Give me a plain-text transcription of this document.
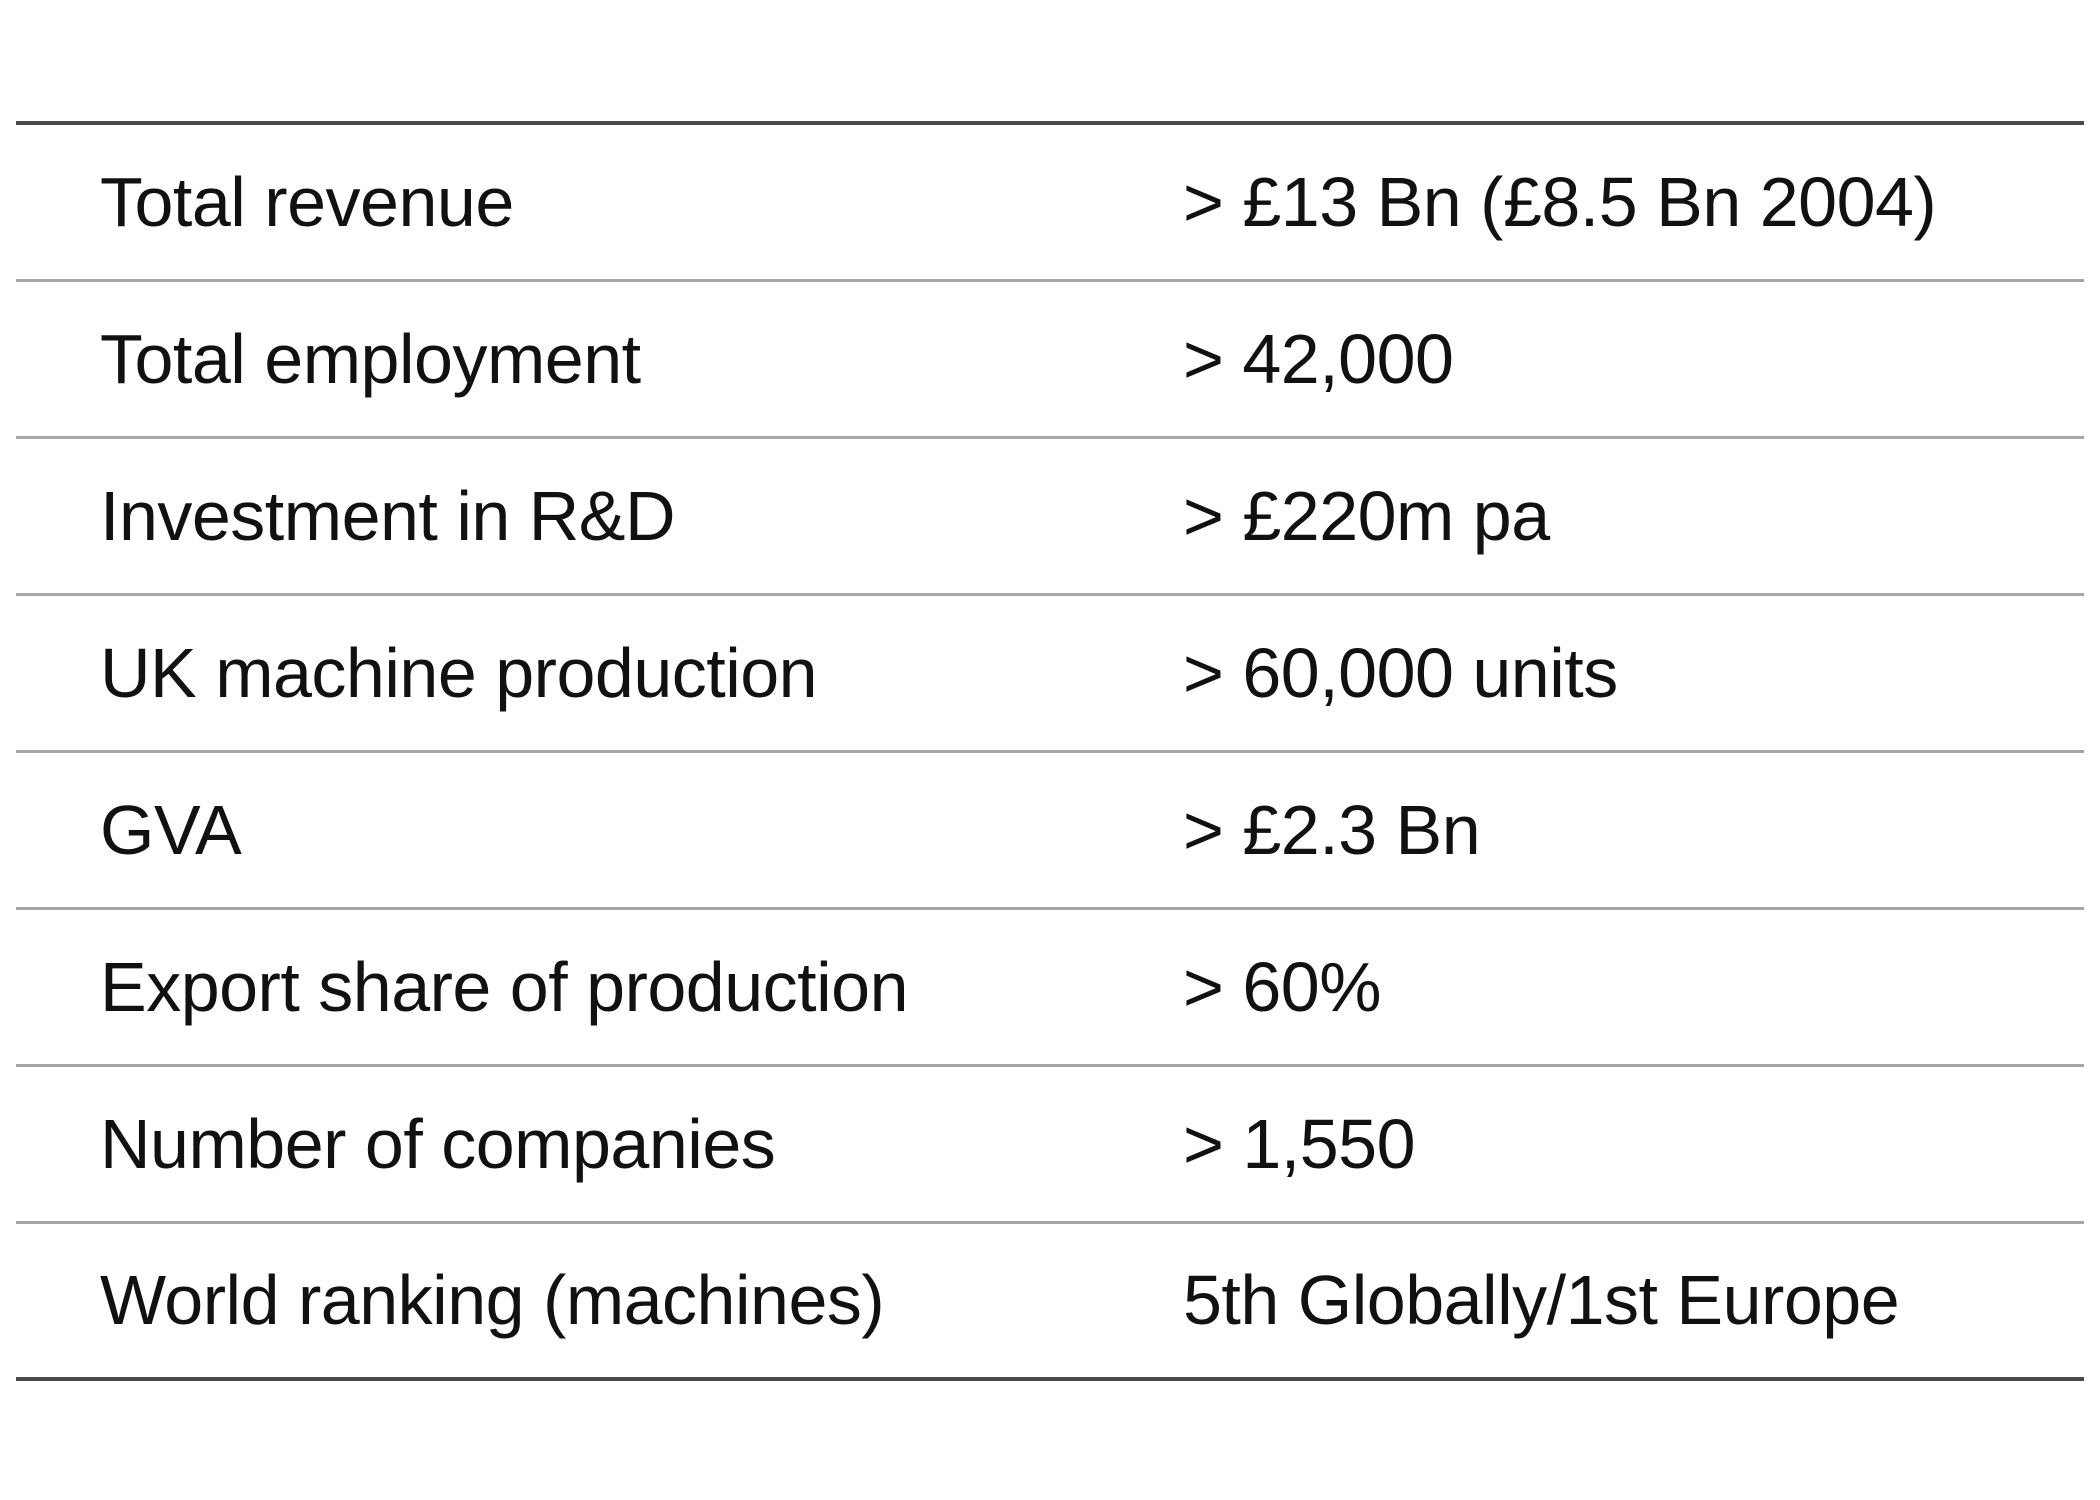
Total revenue	> £13 Bn (£8.5 Bn 2004)
Total employment	> 42,000
Investment in R&D	> £220m pa
UK machine production	> 60,000 units
GVA	> £2.3 Bn
Export share of production	> 60%
Number of companies	> 1,550
World ranking (machines)	5th Globally/1st Europe
